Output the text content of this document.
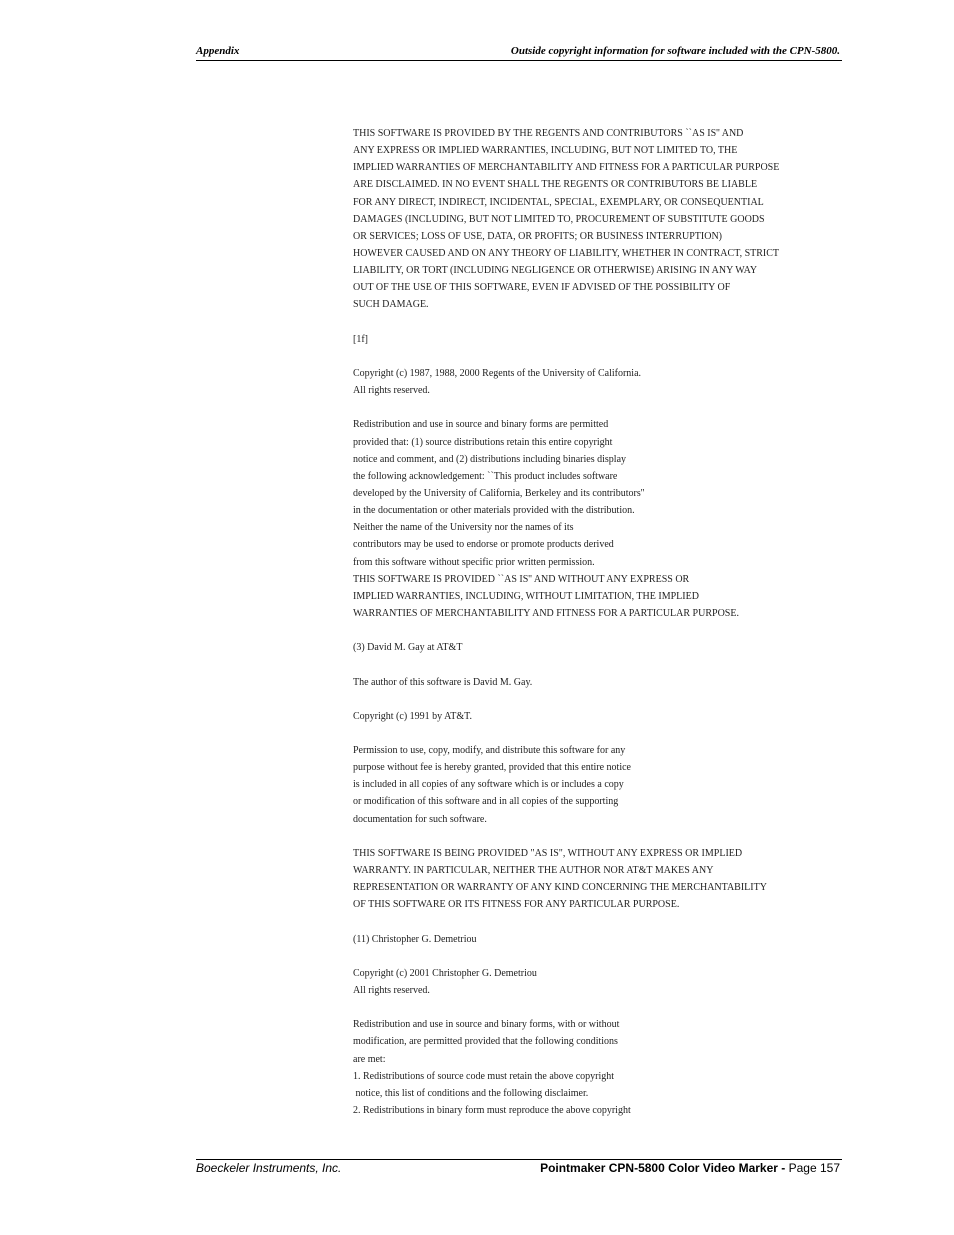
Appendix	Outside copyright information for software included with the CPN-5800.
THIS SOFTWARE IS PROVIDED BY THE REGENTS AND CONTRIBUTORS ``AS IS'' AND
ANY EXPRESS OR IMPLIED WARRANTIES, INCLUDING, BUT NOT LIMITED TO, THE
IMPLIED WARRANTIES OF MERCHANTABILITY AND FITNESS FOR A PARTICULAR PURPOSE
ARE DISCLAIMED. IN NO EVENT SHALL THE REGENTS OR CONTRIBUTORS BE LIABLE
FOR ANY DIRECT, INDIRECT, INCIDENTAL, SPECIAL, EXEMPLARY, OR CONSEQUENTIAL
DAMAGES (INCLUDING, BUT NOT LIMITED TO, PROCUREMENT OF SUBSTITUTE GOODS
OR SERVICES; LOSS OF USE, DATA, OR PROFITS; OR BUSINESS INTERRUPTION)
HOWEVER CAUSED AND ON ANY THEORY OF LIABILITY, WHETHER IN CONTRACT, STRICT
LIABILITY, OR TORT (INCLUDING NEGLIGENCE OR OTHERWISE) ARISING IN ANY WAY
OUT OF THE USE OF THIS SOFTWARE, EVEN IF ADVISED OF THE POSSIBILITY OF
SUCH DAMAGE.
[1f]
Copyright (c) 1987, 1988, 2000 Regents of the University of California.
All rights reserved.
Redistribution and use in source and binary forms are permitted
provided that: (1) source distributions retain this entire copyright
notice and comment, and (2) distributions including binaries display
the following acknowledgement: ``This product includes software
developed by the University of California, Berkeley and its contributors''
in the documentation or other materials provided with the distribution.
Neither the name of the University nor the names of its
contributors may be used to endorse or promote products derived
from this software without specific prior written permission.
THIS SOFTWARE IS PROVIDED ``AS IS'' AND WITHOUT ANY EXPRESS OR
IMPLIED WARRANTIES, INCLUDING, WITHOUT LIMITATION, THE IMPLIED
WARRANTIES OF MERCHANTABILITY AND FITNESS FOR A PARTICULAR PURPOSE.
(3) David M. Gay at AT&T
The author of this software is David M. Gay.
Copyright (c) 1991 by AT&T.
Permission to use, copy, modify, and distribute this software for any
purpose without fee is hereby granted, provided that this entire notice
is included in all copies of any software which is or includes a copy
or modification of this software and in all copies of the supporting
documentation for such software.
THIS SOFTWARE IS BEING PROVIDED "AS IS", WITHOUT ANY EXPRESS OR IMPLIED
WARRANTY. IN PARTICULAR, NEITHER THE AUTHOR NOR AT&T MAKES ANY
REPRESENTATION OR WARRANTY OF ANY KIND CONCERNING THE MERCHANTABILITY
OF THIS SOFTWARE OR ITS FITNESS FOR ANY PARTICULAR PURPOSE.
(11) Christopher G. Demetriou
Copyright (c) 2001 Christopher G. Demetriou
All rights reserved.
Redistribution and use in source and binary forms, with or without
modification, are permitted provided that the following conditions
are met:
1. Redistributions of source code must retain the above copyright
notice, this list of conditions and the following disclaimer.
2. Redistributions in binary form must reproduce the above copyright
Boeckeler Instruments, Inc.	Pointmaker CPN-5800 Color Video Marker - Page 157
